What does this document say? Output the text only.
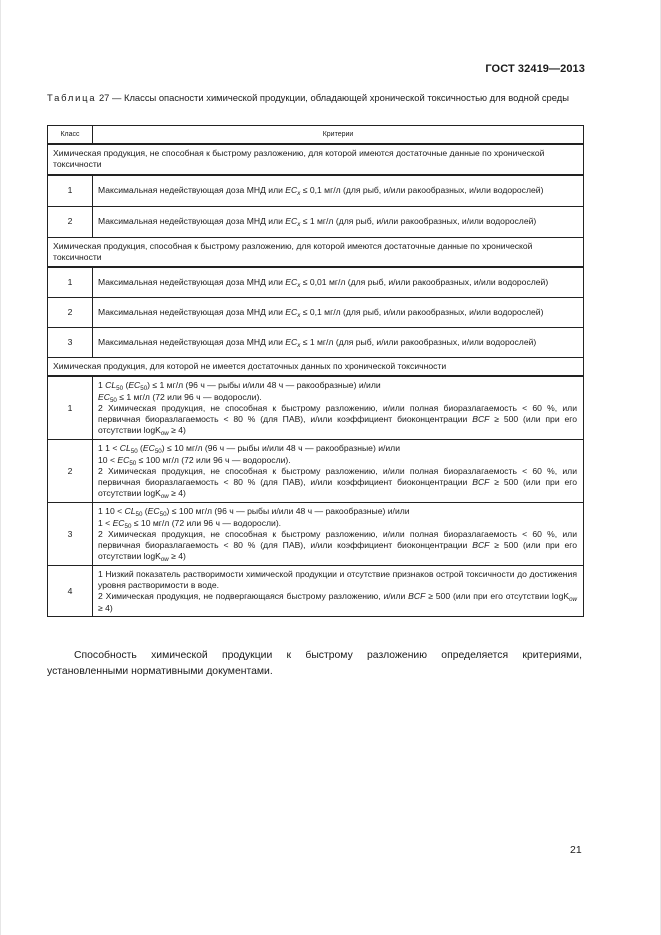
ГОСТ 32419—2013
Таблица 27 — Классы опасности химической продукции, обладающей хронической токсичностью для водной среды
Класс	Критерии
Химическая продукция, не способная к быстрому разложению, для которой имеются достаточные данные по хронической токсичности	
1	Максимальная недействующая доза МНД или $EC_x \le 0,1$ мг/л (для рыб, и/или ракообразных, и/или водорослей)
2	Максимальная недействующая доза МНД или $EC_x \le 1$ мг/л (для рыб, и/или ракообразных, и/или водорослей)
Химическая продукция, способная к быстрому разложению, для которой имеются достаточные данные по хронической токсичности	
1	Максимальная недействующая доза МНД или $EC_x \le 0,01$ мг/л (для рыб, и/или ракообразных, и/или водорослей)
2	Максимальная недействующая доза МНД или $EC_x \le 0,1$ мг/л (для рыб, и/или ракообразных, и/или водорослей)
3	Максимальная недействующая доза МНД или $EC_x \le 1$ мг/л (для рыб, и/или ракообразных, и/или водорослей)
Химическая продукция, для которой не имеется достаточных данных по хронической токсичности	
1	1 $CL_{50}$ $(EC_{50}) \le 1$ мг/л (96 ч — рыбы и/или 48 ч — ракообразные) и/или
$EC_{50} \le 1$ мг/л (72 или 96 ч — водоросли).
2 Химическая продукция, не способная к быстрому разложению, и/или полная биоразлагаемость < 60 %, или первичная биоразлагаемость < 80 % (для ПАВ), и/или коэффициент биоконцентрации BCF ≥ 500 (или при его отсутствии logK$_{ow}$ ≥ 4)

2	1 $1 < CL_{50}$ $(EC_{50}) \le 10$ мг/л (96 ч — рыбы и/или 48 ч — ракообразные) и/или
$10 < EC_{50} \le 100$ мг/л (72 или 96 ч — водоросли).
2 Химическая продукция, не способная к быстрому разложению, и/или полная биоразлагаемость < 60 %, или первичная биоразлагаемость < 80 % (для ПАВ), и/или коэффициент биоконцентрации BCF ≥ 500 (или при его отсутствии logK$_{ow}$ ≥ 4)

3	1 $10 < CL_{50}$ $(EC_{50}) \le 100$ мг/л (96 ч — рыбы и/или 48 ч — ракообразные) и/или
$1 < EC_{50} \le 10$ мг/л (72 или 96 ч — водоросли).
2 Химическая продукция, не способная к быстрому разложению, и/или полная биоразлагаемость < 60 %, или первичная биоразлагаемость < 80 % (для ПАВ), и/или коэффициент биоконцентрации BCF ≥ 500 (или при его отсутствии logK$_{ow}$ ≥ 4)

4	1 Низкий показатель растворимости химической продукции и отсутствие признаков острой токсичности до достижения уровня растворимости в воде.
2 Химическая продукция, не подвергающаяся быстрому разложению, и/или BCF ≥ 500 (или при его отсутствии logK$_{ow}$ ≥ 4)
Способность химической продукции к быстрому разложению определяется критериями, установленными нормативными документами.
21
